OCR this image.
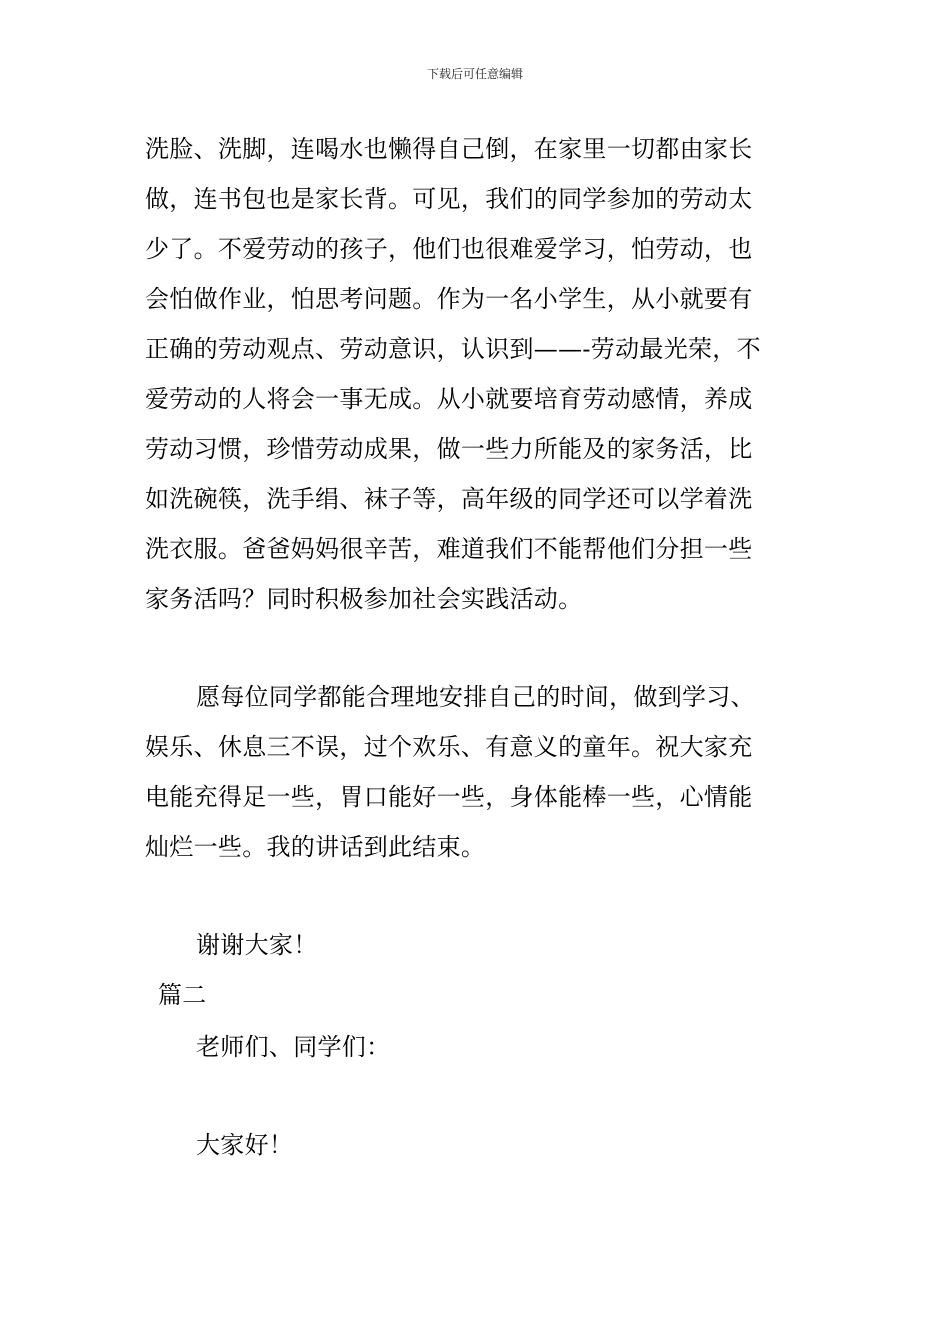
下载后可任意编辑
洗脸、洗脚，连喝水也懒得自己倒，在家里一切都由家长
做，连书包也是家长背。可见，我们的同学参加的劳动太
少了。不爱劳动的孩子，他们也很难爱学习，怕劳动，也
会怕做作业，怕思考问题。作为一名小学生，从小就要有
正确的劳动观点、劳动意识，认识到——-劳动最光荣，不
爱劳动的人将会一事无成。从小就要培育劳动感情，养成
劳动习惯，珍惜劳动成果，做一些力所能及的家务活，比
如洗碗筷，洗手绢、袜子等，高年级的同学还可以学着洗
洗衣服。爸爸妈妈很辛苦，难道我们不能帮他们分担一些
家务活吗？同时积极参加社会实践活动。
愿每位同学都能合理地安排自己的时间，做到学习、
娱乐、休息三不误，过个欢乐、有意义的童年。祝大家充
电能充得足一些，胃口能好一些，身体能棒一些，心情能
灿烂一些。我的讲话到此结束。
谢谢大家！
篇二
老师们、同学们：
大家好！
